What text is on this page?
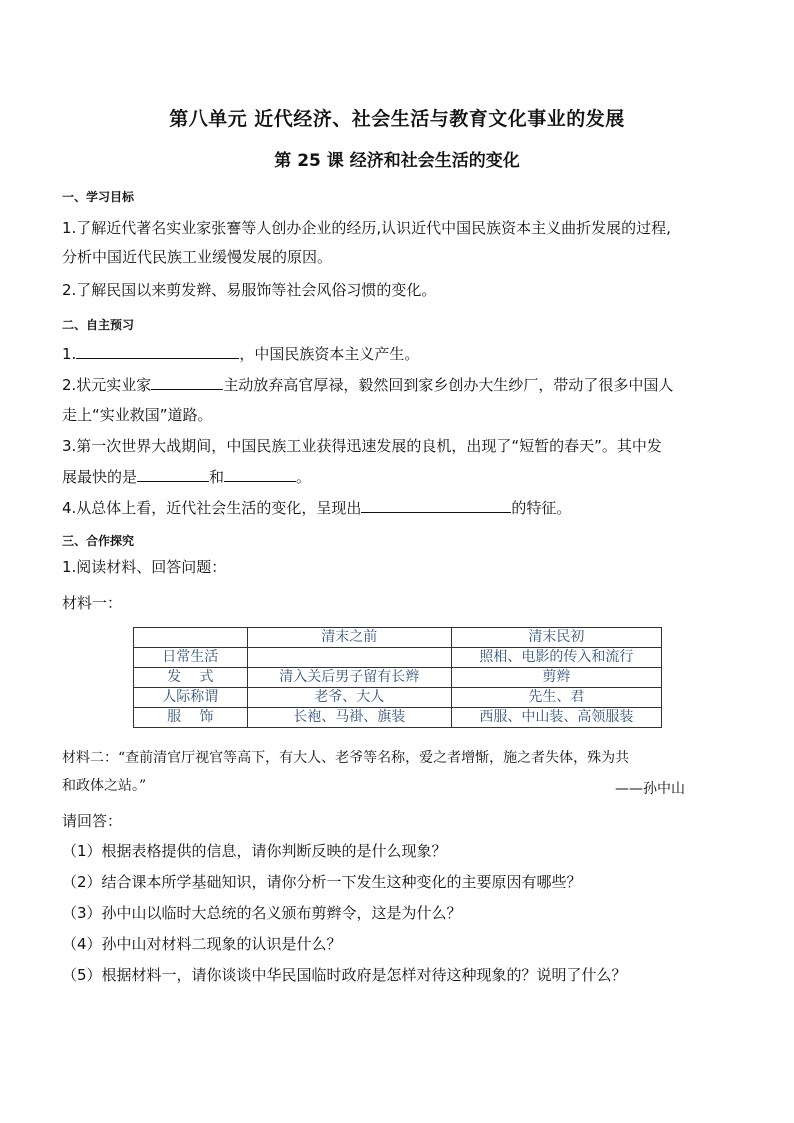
第八单元 近代经济、社会生活与教育文化事业的发展
第 25 课 经济和社会生活的变化
一、学习目标
1.了解近代著名实业家张謇等人创办企业的经历,认识近代中国民族资本主义曲折发展的过程,
分析中国近代民族工业缓慢发展的原因。
2.了解民国以来剪发辫、易服饰等社会风俗习惯的变化。
二、自主预习
1.	，中国民族资本主义产生。
2.状元实业家	主动放弃高官厚禄，毅然回到家乡创办大生纱厂，带动了很多中国人
走上“实业救国”道路。
3.第一次世界大战期间，中国民族工业获得迅速发展的良机，出现了“短暂的春天”。其中发
展最快的是	和	。
4.从总体上看，近代社会生活的变化，呈现出	的特征。
三、合作探究
1.阅读材料、回答问题：
材料一：
	清末之前	清末民初
日常生活		照相、电影的传入和流行
发　 式	清入关后男子留有长辫	剪辫
人际称谓	老爷、大人	先生、君
服　 饰	长袍、马褂、旗装	西服、中山装、高领服装
材料二：“查前清官厅视官等高下，有大人、老爷等名称，爱之者增惭，施之者失体，殊为共
和政体之站。”	——孙中山
请回答：
（1）根据表格提供的信息，请你判断反映的是什么现象？
（2）结合课本所学基础知识，请你分析一下发生这种变化的主要原因有哪些？
（3）孙中山以临时大总统的名义颁布剪辫令，这是为什么？
（4）孙中山对材料二现象的认识是什么？
（5）根据材料一，请你谈谈中华民国临时政府是怎样对待这种现象的？说明了什么？
